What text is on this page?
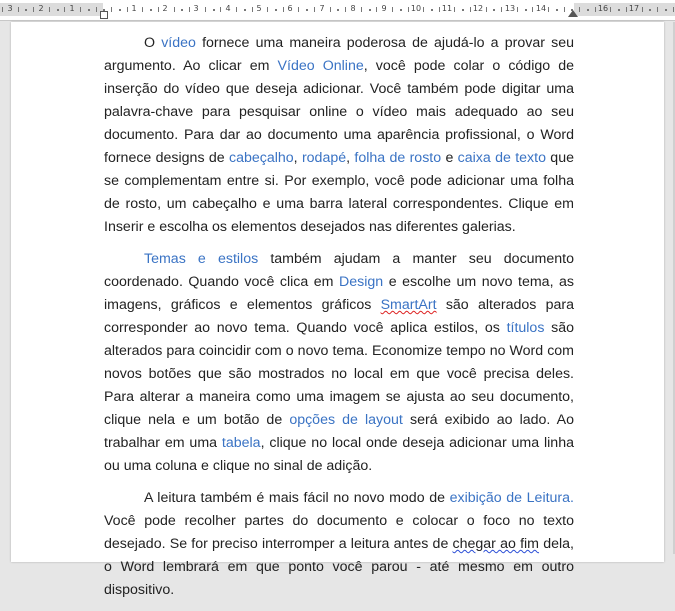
3	2	1	1	2	3	4	5	6	7	8	9	10	11	12	13	14	16	17

O vídeo fornece uma maneira poderosa de ajudá-lo a provar seu argumento. Ao clicar em Vídeo Online, você pode colar o código de inserção do vídeo que deseja adicionar. Você também pode digitar uma palavra-chave para pesquisar online o vídeo mais adequado ao seu documento. Para dar ao documento uma aparência profissional, o Word fornece designs de cabeçalho, rodapé, folha de rosto e caixa de texto que se complementam entre si. Por exemplo, você pode adicionar uma folha de rosto, um cabeçalho e uma barra lateral correspondentes. Clique em Inserir e escolha os elementos desejados nas diferentes galerias.

Temas e estilos também ajudam a manter seu documento coordenado. Quando você clica em Design e escolhe um novo tema, as imagens, gráficos e elementos gráficos SmartArt são alterados para corresponder ao novo tema. Quando você aplica estilos, os títulos são alterados para coincidir com o novo tema. Economize tempo no Word com novos botões que são mostrados no local em que você precisa deles. Para alterar a maneira como uma imagem se ajusta ao seu documento, clique nela e um botão de opções de layout será exibido ao lado. Ao trabalhar em uma tabela, clique no local onde deseja adicionar uma linha ou uma coluna e clique no sinal de adição.

A leitura também é mais fácil no novo modo de exibição de Leitura. Você pode recolher partes do documento e colocar o foco no texto desejado. Se for preciso interromper a leitura antes de chegar ao fim dela, o Word lembrará em que ponto você parou - até mesmo em outro dispositivo.
